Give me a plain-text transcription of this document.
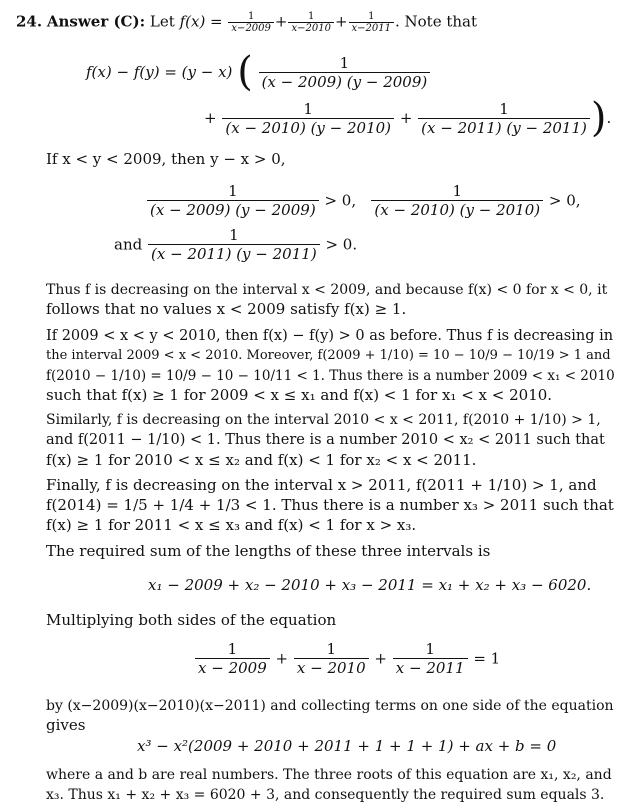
24. Answer (C): Let $f(x) = \frac{1}{x-2009} + \frac{1}{x-2010} + \frac{1}{x-2011}$ . Note that
f(x) − f(y) = (y − x) ( $\frac{1}{(x - 2009) (y - 2009)}$
+ $\frac{1}{(x - 2010) (y - 2010)} + \frac{1}{(x - 2011) (y - 2011)}$ ).
If x < y < 2009, then y − x > 0,
$\frac{1}{(x - 2009) (y - 2009)} > 0$, $\frac{1}{(x - 2010) (y - 2010)} > 0$,
and $\frac{1}{(x - 2011) (y - 2011)} > 0$.
Thus f is decreasing on the interval x < 2009, and because f(x) < 0 for x < 0, it
follows that no values x < 2009 satisfy f(x) ≥ 1.
If 2009 < x < y < 2010, then f(x) − f(y) > 0 as before. Thus f is decreasing in
the interval 2009 < x < 2010. Moreover, f(2009 + 1/10) = 10 − 10/9 − 10/19 > 1 and
f(2010 − 1/10) = 10/9 − 10 − 10/11 < 1. Thus there is a number 2009 < x₁ < 2010
such that f(x) ≥ 1 for 2009 < x ≤ x₁ and f(x) < 1 for x₁ < x < 2010.
Similarly, f is decreasing on the interval 2010 < x < 2011, f(2010 + 1/10) > 1,
and f(2011 − 1/10) < 1. Thus there is a number 2010 < x₂ < 2011 such that
f(x) ≥ 1 for 2010 < x ≤ x₂ and f(x) < 1 for x₂ < x < 2011.
Finally, f is decreasing on the interval x > 2011, f(2011 + 1/10) > 1, and
f(2014) = 1/5 + 1/4 + 1/3 < 1. Thus there is a number x₃ > 2011 such that
f(x) ≥ 1 for 2011 < x ≤ x₃ and f(x) < 1 for x > x₃.
The required sum of the lengths of these three intervals is
x₁ − 2009 + x₂ − 2010 + x₃ − 2011 = x₁ + x₂ + x₃ − 6020.
Multiplying both sides of the equation
$\frac{1}{x - 2009} + \frac{1}{x - 2010} + \frac{1}{x - 2011} = 1$
by (x−2009)(x−2010)(x−2011) and collecting terms on one side of the equation
gives
x³ − x²(2009 + 2010 + 2011 + 1 + 1 + 1) + ax + b = 0
where a and b are real numbers. The three roots of this equation are x₁, x₂, and
x₃. Thus x₁ + x₂ + x₃ = 6020 + 3, and consequently the required sum equals 3.
